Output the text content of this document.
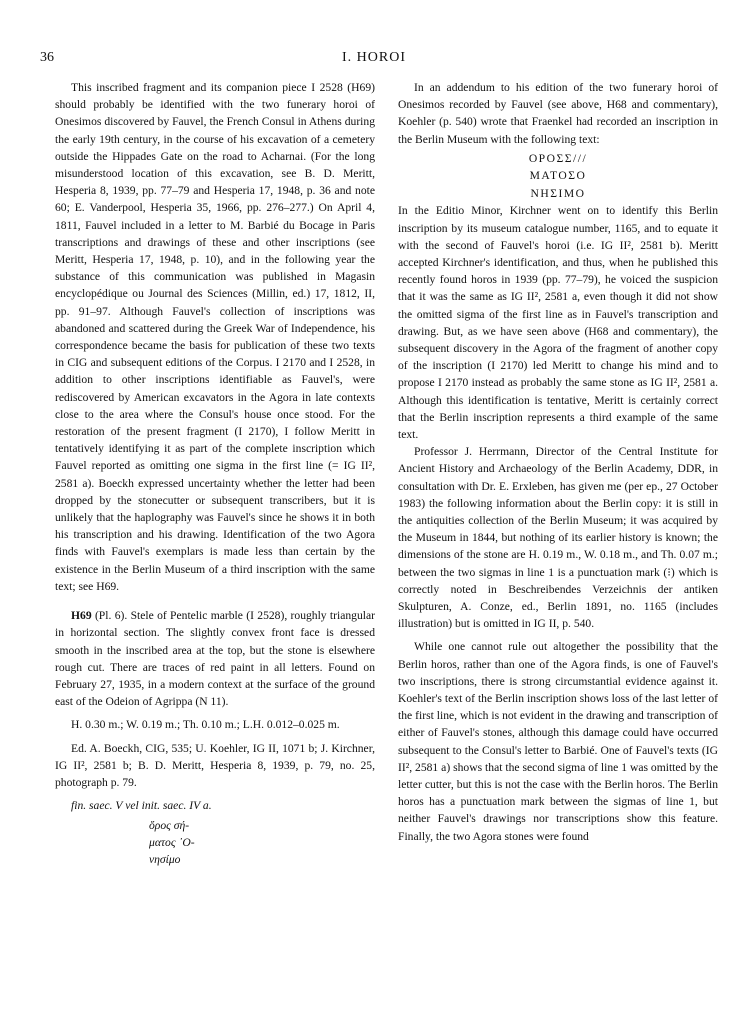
36	I. HOROI

This inscribed fragment and its companion piece I 2528 (H69) should probably be identified with the two funerary horoi of Onesimos discovered by Fauvel, the French Consul in Athens during the early 19th century, in the course of his excavation of a cemetery outside the Hippades Gate on the road to Acharnai. (For the long misunderstood location of this excavation, see B. D. Meritt, Hesperia 8, 1939, pp. 77–79 and Hesperia 17, 1948, p. 36 and note 60; E. Vanderpool, Hesperia 35, 1966, pp. 276–277.) On April 4, 1811, Fauvel included in a letter to M. Barbié du Bocage in Paris transcriptions and drawings of these and other inscriptions (see Meritt, Hesperia 17, 1948, p. 10), and in the following year the substance of this communication was published in Magasin encyclopédique ou Journal des Sciences (Millin, ed.) 17, 1812, II, pp. 91–97. Although Fauvel's collection of inscriptions was abandoned and scattered during the Greek War of Independence, his correspondence became the basis for publication of these two texts in CIG and subsequent editions of the Corpus. I 2170 and I 2528, in addition to other inscriptions identifiable as Fauvel's, were rediscovered by American excavators in the Agora in late contexts close to the area where the Consul's house once stood. For the restoration of the present fragment (I 2170), I follow Meritt in tentatively identifying it as part of the complete inscription which Fauvel reported as omitting one sigma in the first line (= IG II², 2581 a). Boeckh expressed uncertainty whether the letter had been dropped by the stonecutter or subsequent transcribers, but it is unlikely that the haplography was Fauvel's since he shows it in both his transcription and his drawing. Identification of the two Agora finds with Fauvel's exemplars is made less than certain by the existence in the Berlin Museum of a third inscription with the same text; see H69.

H69 (Pl. 6). Stele of Pentelic marble (I 2528), roughly triangular in horizontal section. The slightly convex front face is dressed smooth in the inscribed area at the top, but the stone is elsewhere rough cut. There are traces of red paint in all letters. Found on February 27, 1935, in a modern context at the surface of the ground east of the Odeion of Agrippa (N 11).

H. 0.30 m.; W. 0.19 m.; Th. 0.10 m.; L.H. 0.012–0.025 m.

Ed. A. Boeckh, CIG, 535; U. Koehler, IG II, 1071 b; J. Kirchner, IG II², 2581 b; B. D. Meritt, Hesperia 8, 1939, p. 79, no. 25, photograph p. 79.

fin. saec. V vel init. saec. IV a.

ὅρος σή-
ματος ᾽Ο-
νησίμο

In an addendum to his edition of the two funerary horoi of Onesimos recorded by Fauvel (see above, H68 and commentary), Koehler (p. 540) wrote that Fraenkel had recorded an inscription in the Berlin Museum with the following text:

ΟΡΟΣΣ///
ΜΑΤΟΣΟ
ΝΗΣΙΜΟ

In the Editio Minor, Kirchner went on to identify this Berlin inscription by its museum catalogue number, 1165, and to equate it with the second of Fauvel's horoi (i.e. IG II², 2581 b). Meritt accepted Kirchner's identification, and thus, when he published this recently found horos in 1939 (pp. 77–79), he voiced the suspicion that it was the same as IG II², 2581 a, even though it did not show the omitted sigma of the first line as in Fauvel's transcription and drawing. But, as we have seen above (H68 and commentary), the subsequent discovery in the Agora of the fragment of another copy of the inscription (I 2170) led Meritt to change his mind and to propose I 2170 instead as probably the same stone as IG II², 2581 a. Although this identification is tentative, Meritt is certainly correct that the Berlin inscription represents a third example of the same text.

Professor J. Herrmann, Director of the Central Institute for Ancient History and Archaeology of the Berlin Academy, DDR, in consultation with Dr. E. Erxleben, has given me (per ep., 27 October 1983) the following information about the Berlin copy: it is still in the antiquities collection of the Berlin Museum; it was acquired by the Museum in 1844, but nothing of its earlier history is known; the dimensions of the stone are H. 0.19 m., W. 0.18 m., and Th. 0.07 m.; between the two sigmas in line 1 is a punctuation mark (⁝) which is correctly noted in Beschreibendes Verzeichnis der antiken Skulpturen, A. Conze, ed., Berlin 1891, no. 1165 (includes illustration) but is omitted in IG II, p. 540.

While one cannot rule out altogether the possibility that the Berlin horos, rather than one of the Agora finds, is one of Fauvel's two inscriptions, there is strong circumstantial evidence against it. Koehler's text of the Berlin inscription shows loss of the last letter of the first line, which is not evident in the drawing and transcription of either of Fauvel's stones, although this damage could have occurred subsequent to the Consul's letter to Barbié. One of Fauvel's texts (IG II², 2581 a) shows that the second sigma of line 1 was omitted by the letter cutter, but this is not the case with the Berlin horos. The Berlin horos has a punctuation mark between the sigmas of line 1, but neither Fauvel's drawings nor transcriptions show this feature. Finally, the two Agora stones were found
